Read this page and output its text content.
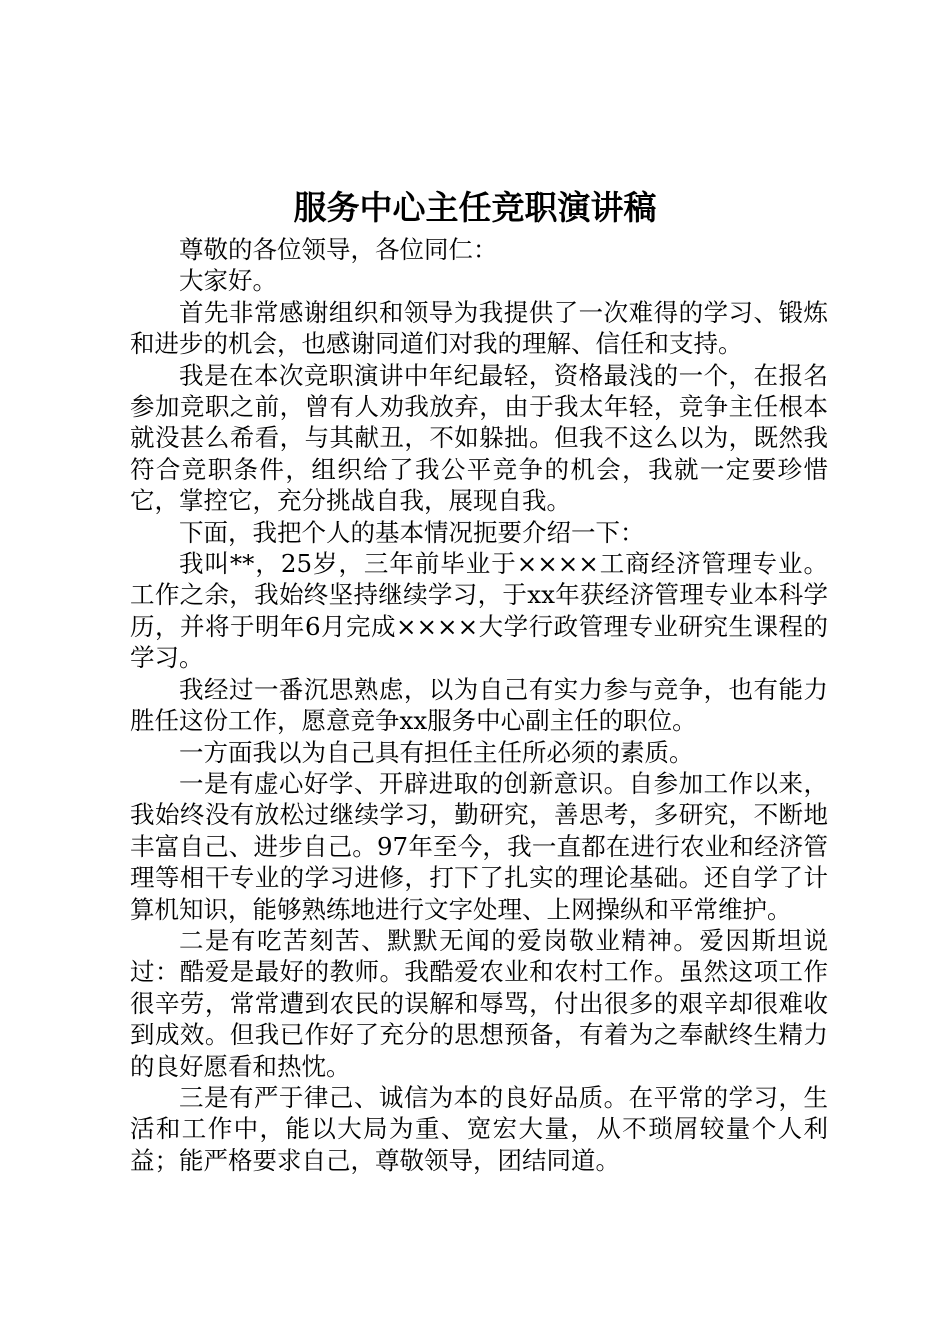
服务中心主任竞职演讲稿

尊敬的各位领导，各位同仁：

大家好。

首先非常感谢组织和领导为我提供了一次难得的学习、锻炼和进步的机会，也感谢同道们对我的理解、信任和支持。

我是在本次竞职演讲中年纪最轻，资格最浅的一个，在报名参加竞职之前，曾有人劝我放弃，由于我太年轻，竞争主任根本就没甚么希看，与其献丑，不如躲拙。但我不这么以为，既然我符合竞职条件，组织给了我公平竞争的机会，我就一定要珍惜它，掌控它，充分挑战自我，展现自我。

下面，我把个人的基本情况扼要介绍一下：

我叫**，25岁，三年前毕业于××××工商经济管理专业。工作之余，我始终坚持继续学习，于xx年获经济管理专业本科学历，并将于明年6月完成××××大学行政管理专业研究生课程的学习。

我经过一番沉思熟虑，以为自己有实力参与竞争，也有能力胜任这份工作，愿意竞争xx服务中心副主任的职位。

一方面我以为自己具有担任主任所必须的素质。

一是有虚心好学、开辟进取的创新意识。自参加工作以来，我始终没有放松过继续学习，勤研究，善思考，多研究，不断地丰富自己、进步自己。97年至今，我一直都在进行农业和经济管理等相干专业的学习进修，打下了扎实的理论基础。还自学了计算机知识，能够熟练地进行文字处理、上网操纵和平常维护。

二是有吃苦刻苦、默默无闻的爱岗敬业精神。爱因斯坦说过：酷爱是最好的教师。我酷爱农业和农村工作。虽然这项工作很辛劳，常常遭到农民的误解和辱骂，付出很多的艰辛却很难收到成效。但我已作好了充分的思想预备，有着为之奉献终生精力的良好愿看和热忱。

三是有严于律己、诚信为本的良好品质。在平常的学习，生活和工作中，能以大局为重、宽宏大量，从不琐屑较量个人利益；能严格要求自己，尊敬领导，团结同道。
